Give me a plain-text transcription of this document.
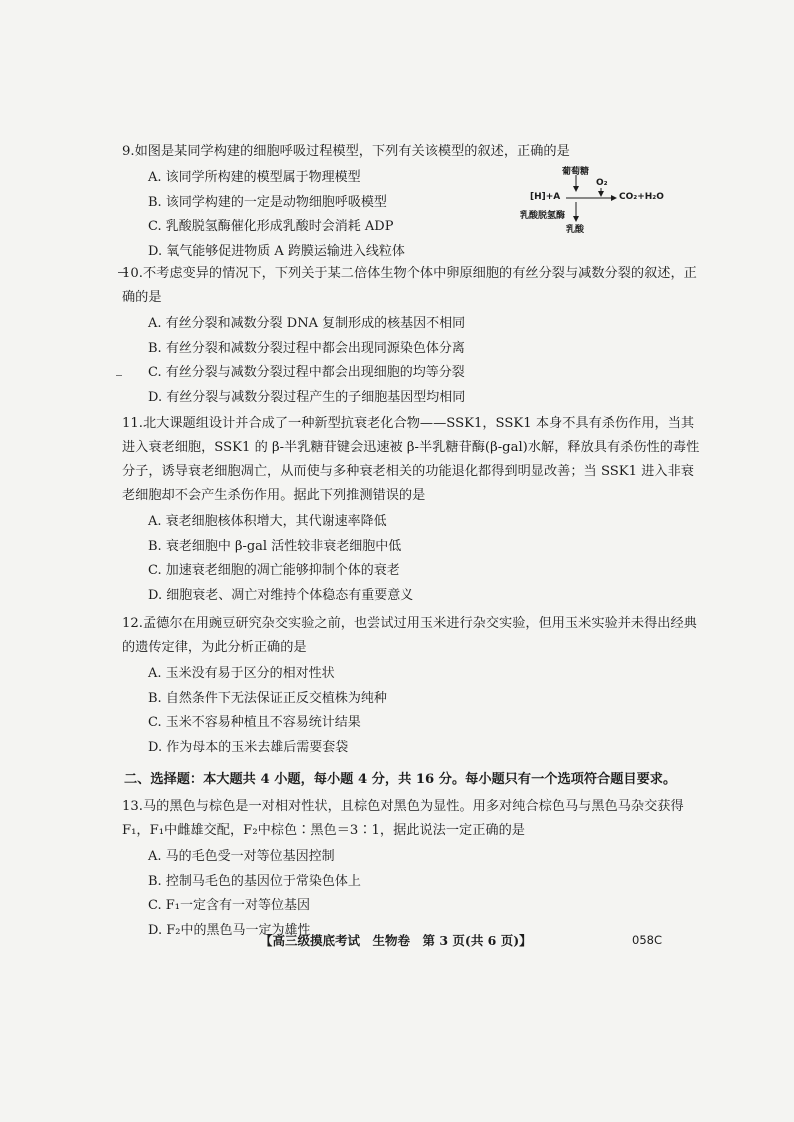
9.如图是某同学构建的细胞呼吸过程模型，下列有关该模型的叙述，正确的是

A. 该同学所构建的模型属于物理模型

B. 该同学构建的一定是动物细胞呼吸模型

C. 乳酸脱氢酶催化形成乳酸时会消耗 ADP

D. 氧气能够促进物质 A 跨膜运输进入线粒体

葡萄糖
[H]+A
O₂
CO₂+H₂O
乳酸脱氢酶
乳酸

10.不考虑变异的情况下，下列关于某二倍体生物个体中卵原细胞的有丝分裂与减数分裂的叙述，正确的是

A. 有丝分裂和减数分裂 DNA 复制形成的核基因不相同

B. 有丝分裂和减数分裂过程中都会出现同源染色体分离

C. 有丝分裂与减数分裂过程中都会出现细胞的均等分裂

D. 有丝分裂与减数分裂过程产生的子细胞基因型均相同

11.北大课题组设计并合成了一种新型抗衰老化合物——SSK1，SSK1 本身不具有杀伤作用，当其进入衰老细胞，SSK1 的 β-半乳糖苷键会迅速被 β-半乳糖苷酶(β-gal)水解，释放具有杀伤性的毒性分子，诱导衰老细胞凋亡，从而使与多种衰老相关的功能退化都得到明显改善；当 SSK1 进入非衰老细胞却不会产生杀伤作用。据此下列推测错误的是

A. 衰老细胞核体积增大，其代谢速率降低

B. 衰老细胞中 β-gal 活性较非衰老细胞中低

C. 加速衰老细胞的凋亡能够抑制个体的衰老

D. 细胞衰老、凋亡对维持个体稳态有重要意义

12.孟德尔在用豌豆研究杂交实验之前，也尝试过用玉米进行杂交实验，但用玉米实验并未得出经典的遗传定律，为此分析正确的是

A. 玉米没有易于区分的相对性状

B. 自然条件下无法保证正反交植株为纯种

C. 玉米不容易种植且不容易统计结果

D. 作为母本的玉米去雄后需要套袋

二、选择题：本大题共 4 小题，每小题 4 分，共 16 分。每小题只有一个选项符合题目要求。

13.马的黑色与棕色是一对相对性状，且棕色对黑色为显性。用多对纯合棕色马与黑色马杂交获得 F₁，F₁中雌雄交配，F₂中棕色∶黑色＝3∶1，据此说法一定正确的是

A. 马的毛色受一对等位基因控制

B. 控制马毛色的基因位于常染色体上

C. F₁一定含有一对等位基因

D. F₂中的黑色马一定为雄性

【高三级摸底考试　生物卷　第 3 页(共 6 页)】	058C
